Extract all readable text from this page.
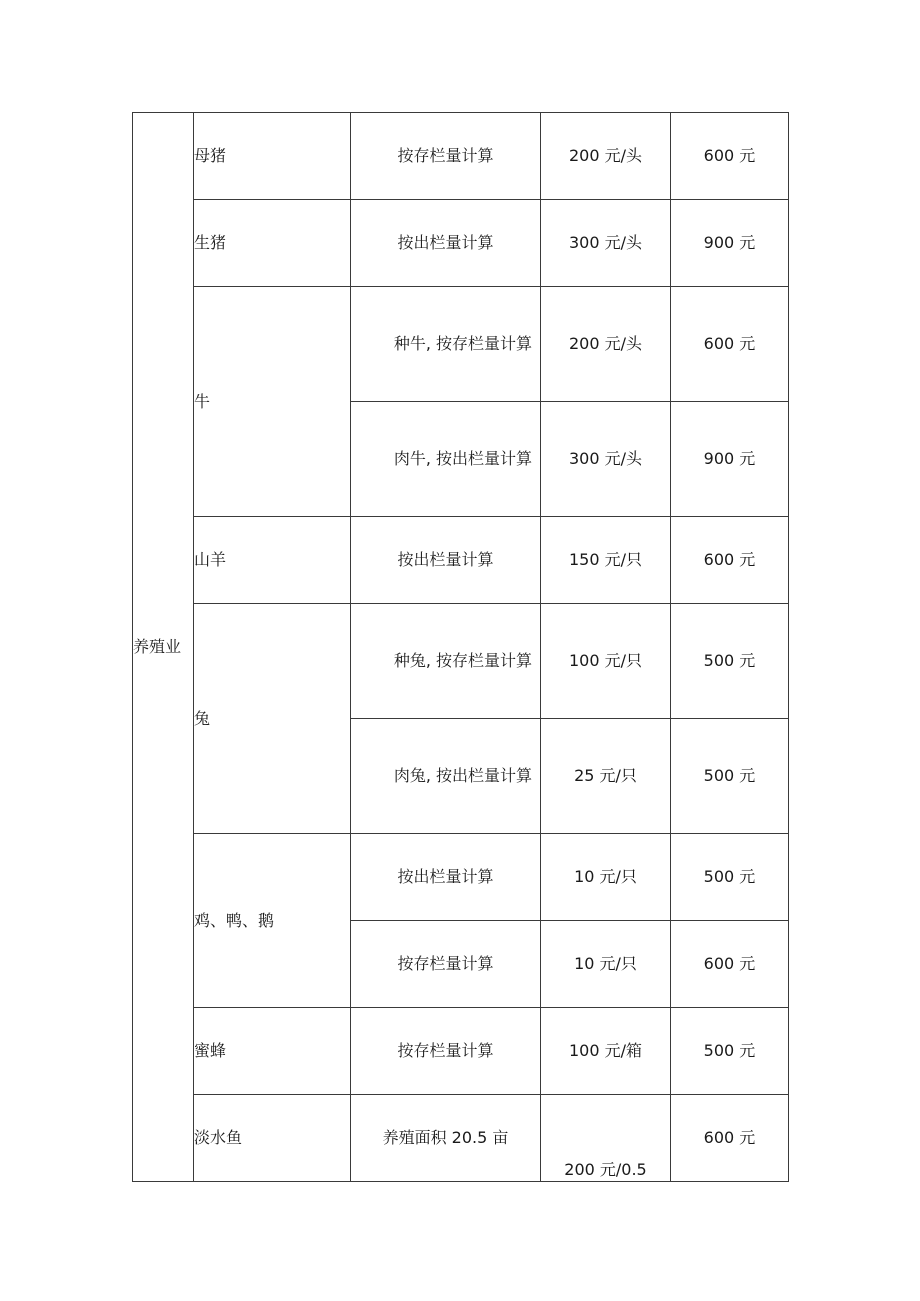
养殖业	母猪	按存栏量计算	200 元/头	600 元
	生猪	按出栏量计算	300 元/头	900 元
	牛	种牛, 按存栏量计算	200 元/头	600 元
		肉牛, 按出栏量计算	300 元/头	900 元
	山羊	按出栏量计算	150 元/只	600 元
	兔	种兔, 按存栏量计算	100 元/只	500 元
		肉兔, 按出栏量计算	25 元/只	500 元
	鸡、鸭、鹅	按出栏量计算	10 元/只	500 元
		按存栏量计算	10 元/只	600 元
	蜜蜂	按存栏量计算	100 元/箱	500 元
	淡水鱼	养殖面积 20.5 亩	200 元/0.5	600 元
